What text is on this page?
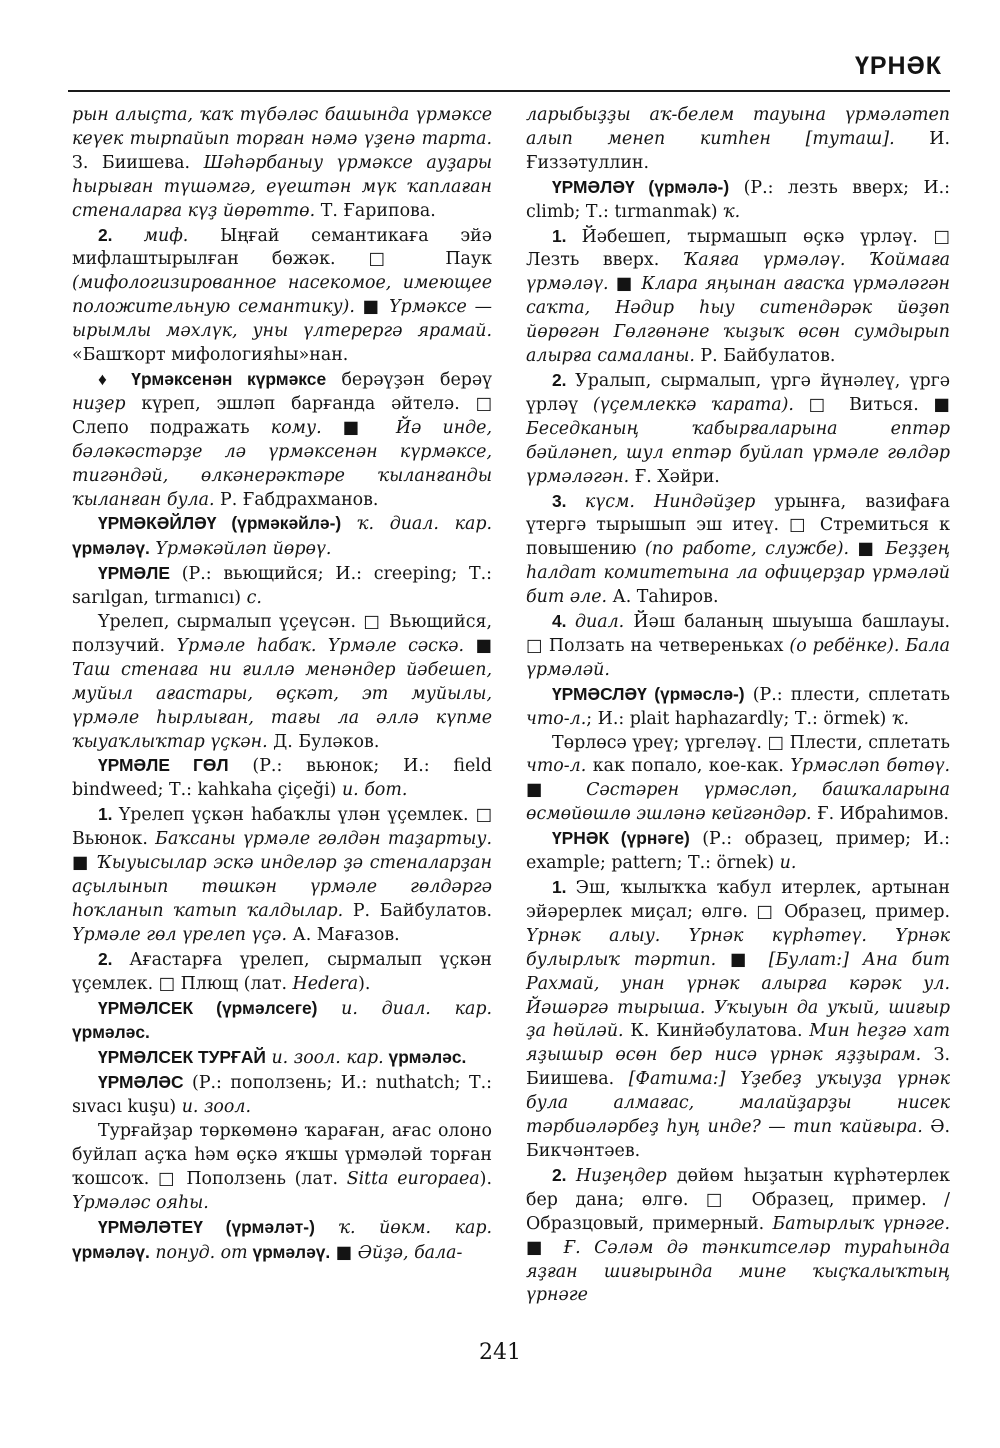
ҮРНӘК

рын алыҫта, ҡаҡ түбәләс башында үрмәксе кеүек тырпайып торған нәмә үҙенә тарта. З. Биишева. Шәһәрбаныу үрмәксе ауҙары һырыған түшәмгә, еүештән мүк ҡаплаған стеналарға күҙ йөрөттө. Т. Ғарипова.

2. миф. Ыңғай семантикаға эйә мифлаштырылған бөжәк. □ Паук (мифологизированное насекомое, имеющее положительную семантику). ■ Үрмәксе — ырымлы мәхлүк, уны үлтерергә ярамай. «Башҡорт мифологияһы»нан.

♦ Үрмәксенән күрмәксе берәүҙән берәү ниҙер күреп, эшләп барғанда әйтелә. □ Слепо подражать кому. ■ Йә инде, бәләкәстәрҙе лә үрмәксенән күрмәксе, тигәндәй, өлкәнерәктәре ҡыланғанды ҡыланған була. Р. Ғабдрахманов.

ҮРМӘКӘЙЛӘҮ (үрмәкәйлә-) ҡ. диал. кар. үрмәләү. Үрмәкәйләп йөрөү.

ҮРМӘЛЕ (Р.: вьющийся; И.: creeping; Т.: sarılgan, tırmanıcı) с.

Үрелеп, сырмалып үҫеүсән. □ Вьющийся, ползучий. Үрмәле һабаҡ. Үрмәле сәскә. ■ Таш стенаға ни ғиллә менәндер йәбешеп, муйыл ағастары, өҫкәт, эт муйылы, үрмәле һырлыған, тағы ла әллә күпме ҡыуаҡлыҡтар үҫкән. Д. Буләков.

ҮРМӘЛЕ ГӨЛ (Р.: вьюнок; И.: field bindweed; Т.: kahkaha çiçeği) и. бот.

1. Үрелеп үҫкән һабаҡлы үлән үҫемлек. □ Вьюнок. Баҡсаны үрмәле гөлдән таҙартыу. ■ Ҡыуысылар эскә инделәр ҙә стеналарҙан аҫылынып төшкән үрмәле гөлдәргә һоҡланып ҡатып ҡалдылар. Р. Байбулатов. Үрмәле гөл үрелеп үҫә. А. Мағазов.

2. Ағастарға үрелеп, сырмалып үҫкән үҫемлек. □ Плющ (лат. Hedera).

ҮРМӘЛСЕК (үрмәлсеге) и. диал. кар. үрмәләс.

ҮРМӘЛСЕК ТУРҒАЙ и. зоол. кар. үрмәләс.

ҮРМӘЛӘС (Р.: поползень; И.: nuthatch; Т.: sıvacı kuşu) и. зоол.

Турғайҙар төркөмөнә ҡараған, ағас олоно буйлап аҫҡа һәм өҫкә яҡшы үрмәләй торған ҡошсоҡ. □ Поползень (лат. Sitta europaea). Үрмәләс ояһы.

ҮРМӘЛӘТЕҮ (үрмәләт-) ҡ. йөкм. кар. үрмәләү. понуд. от үрмәләү. ■ Әйҙә, бала-

ларыбыҙҙы аҡ-белем тауына үрмәләтеп алып менеп китһен [туташ]. И. Ғиззәтуллин.

ҮРМӘЛӘҮ (үрмәлә-) (Р.: лезть вверх; И.: climb; Т.: tırmanmak) ҡ.

1. Йәбешеп, тырмашып өҫкә үрләү. □ Лезть вверх. Ҡаяға үрмәләү. Ҡоймаға үрмәләү. ■ Клара яңынан ағасҡа үрмәләгән саҡта, Нәдир һыу ситендәрәк йөҙөп йөрөгән Гөлгөнәне ҡыҙыҡ өсөн сумдырып алырға самаланы. Р. Байбулатов.

2. Уралып, сырмалып, үргә йүнәлеү, үргә үрләү (үҫемлеккә ҡарата). □ Виться. ■ Беседканың ҡабырғаларына ептәр бәйләнеп, шул ептәр буйлап үрмәле гөлдәр үрмәләгән. Ғ. Хәйри.

3. күсм. Ниндәйҙер урынға, вазифаға үтергә тырышып эш итеү. □ Стремиться к повышению (по работе, службе). ■ Беҙҙең һалдат комитетына ла офицерҙар үрмәләй бит әле. А. Таһиров.

4. диал. Йәш баланың шыуыша башлауы. □ Ползать на четвереньках (о ребёнке). Бала үрмәләй.

ҮРМӘСЛӘҮ (үрмәслә-) (Р.: плести, сплетать что-л.; И.: plait haphazardly; Т.: örmek) ҡ.

Төрлөсә үреү; үргеләү. □ Плести, сплетать что-л. как попало, кое-как. Үрмәсләп бөтөү. ■ Сәстәрен үрмәсләп, башҡаларына өсмөйөшлө эшләнә кейгәндәр. Ғ. Ибраһимов.

ҮРНӘК (үрнәге) (Р.: образец, пример; И.: example; pattern; Т.: örnek) и.

1. Эш, ҡылыҡҡа ҡабул итерлек, артынан эйәрерлек миҫал; өлгө. □ Образец, пример. Үрнәк алыу. Үрнәк күрһәтеү. Үрнәк булырлыҡ тәртип. ■ [Булат:] Ана бит Рахмай, унан үрнәк алырға кәрәк ул. Йәшәргә тырыша. Уҡыуын да уҡый, шиғыр ҙа һөйләй. К. Кинйәбулатова. Мин һеҙгә хат яҙышыр өсөн бер нисә үрнәк яҙҙырам. З. Биишева. [Фатима:] Үҙебеҙ уҡыуҙа үрнәк була алмағас, малайҙарҙы нисек тәрбиәләрбеҙ һуң инде? — тип ҡайғыра. Ә. Бикчәнтәев.

2. Ниҙеңдер дөйөм һыҙатын күрһәтерлек бер дана; өлгө. □ Образец, пример. / Образцовый, примерный. Батырлыҡ үрнәге. ■ Ғ. Сәләм дә тәнкитселәр тураһында яҙған шиғырында мине ҡыҫҡалыҡтың үрнәге

241
